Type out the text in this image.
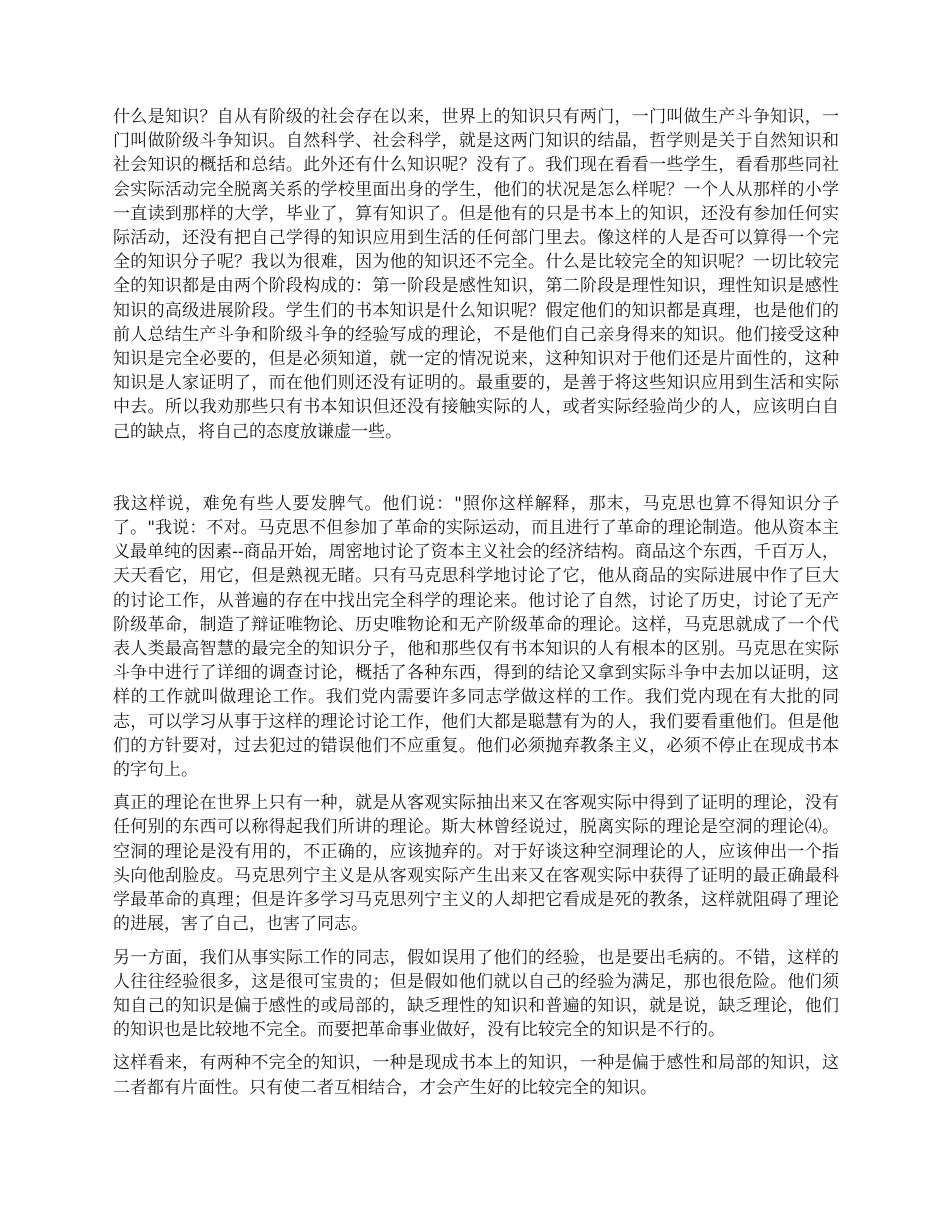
什么是知识？自从有阶级的社会存在以来，世界上的知识只有两门，一门叫做生产斗争知识，一门叫做阶级斗争知识。自然科学、社会科学，就是这两门知识的结晶，哲学则是关于自然知识和社会知识的概括和总结。此外还有什么知识呢？没有了。我们现在看看一些学生，看看那些同社会实际活动完全脱离关系的学校里面出身的学生，他们的状况是怎么样呢？一个人从那样的小学一直读到那样的大学，毕业了，算有知识了。但是他有的只是书本上的知识，还没有参加任何实际活动，还没有把自己学得的知识应用到生活的任何部门里去。像这样的人是否可以算得一个完全的知识分子呢？我以为很难，因为他的知识还不完全。什么是比较完全的知识呢？一切比较完全的知识都是由两个阶段构成的：第一阶段是感性知识，第二阶段是理性知识，理性知识是感性知识的高级进展阶段。学生们的书本知识是什么知识呢？假定他们的知识都是真理，也是他们的前人总结生产斗争和阶级斗争的经验写成的理论，不是他们自己亲身得来的知识。他们接受这种知识是完全必要的，但是必须知道，就一定的情况说来，这种知识对于他们还是片面性的，这种知识是人家证明了，而在他们则还没有证明的。最重要的，是善于将这些知识应用到生活和实际中去。所以我劝那些只有书本知识但还没有接触实际的人，或者实际经验尚少的人，应该明白自己的缺点，将自己的态度放谦虚一些。

我这样说，难免有些人要发脾气。他们说："照你这样解释，那末，马克思也算不得知识分子了。"我说：不对。马克思不但参加了革命的实际运动，而且进行了革命的理论制造。他从资本主义最单纯的因素--商品开始，周密地讨论了资本主义社会的经济结构。商品这个东西，千百万人，天天看它，用它，但是熟视无睹。只有马克思科学地讨论了它，他从商品的实际进展中作了巨大的讨论工作，从普遍的存在中找出完全科学的理论来。他讨论了自然，讨论了历史，讨论了无产阶级革命，制造了辩证唯物论、历史唯物论和无产阶级革命的理论。这样，马克思就成了一个代表人类最高智慧的最完全的知识分子，他和那些仅有书本知识的人有根本的区别。马克思在实际斗争中进行了详细的调查讨论，概括了各种东西，得到的结论又拿到实际斗争中去加以证明，这样的工作就叫做理论工作。我们党内需要许多同志学做这样的工作。我们党内现在有大批的同志，可以学习从事于这样的理论讨论工作，他们大都是聪慧有为的人，我们要看重他们。但是他们的方针要对，过去犯过的错误他们不应重复。他们必须抛弃教条主义，必须不停止在现成书本的字句上。

真正的理论在世界上只有一种，就是从客观实际抽出来又在客观实际中得到了证明的理论，没有任何别的东西可以称得起我们所讲的理论。斯大林曾经说过，脱离实际的理论是空洞的理论⑷。空洞的理论是没有用的，不正确的，应该抛弃的。对于好谈这种空洞理论的人，应该伸出一个指头向他刮脸皮。马克思列宁主义是从客观实际产生出来又在客观实际中获得了证明的最正确最科学最革命的真理；但是许多学习马克思列宁主义的人却把它看成是死的教条，这样就阻碍了理论的进展，害了自己，也害了同志。

另一方面，我们从事实际工作的同志，假如误用了他们的经验，也是要出毛病的。不错，这样的人往往经验很多，这是很可宝贵的；但是假如他们就以自己的经验为满足，那也很危险。他们须知自己的知识是偏于感性的或局部的，缺乏理性的知识和普遍的知识，就是说，缺乏理论，他们的知识也是比较地不完全。而要把革命事业做好，没有比较完全的知识是不行的。

这样看来，有两种不完全的知识，一种是现成书本上的知识，一种是偏于感性和局部的知识，这二者都有片面性。只有使二者互相结合，才会产生好的比较完全的知识。
